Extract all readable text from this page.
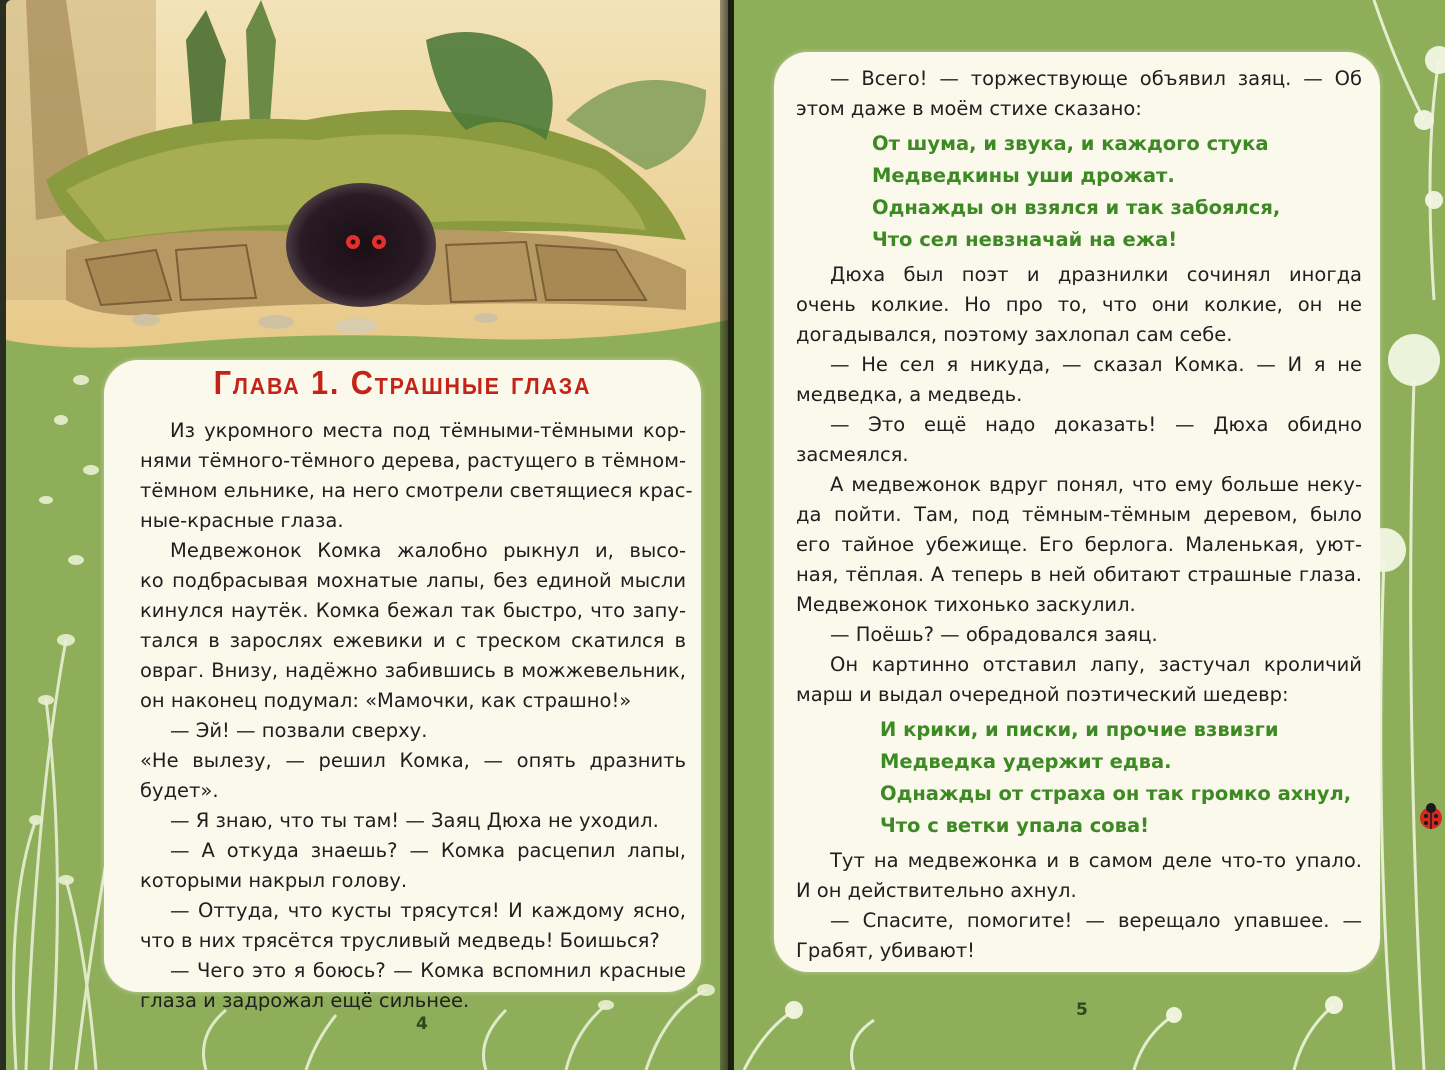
Глава 1. Страшные глаза
Из укромного места под тёмными-тёмными кор-
нями тёмного-тёмного дерева, растущего в тёмном-
тёмном ельнике, на него смотрели светящиеся крас-
ные-красные глаза.
Медвежонок Комка жалобно рыкнул и, высо-
ко подбрасывая мохнатые лапы, без единой мысли
кинулся наутёк. Комка бежал так быстро, что запу-
тался в зарослях ежевики и с треском скатился в
овраг. Внизу, надёжно забившись в можжевельник,
он наконец подумал: «Мамочки, как страшно!»
— Эй! — позвали сверху.
«Не вылезу, — решил Комка, — опять дразнить
будет».
— Я знаю, что ты там! — Заяц Дюха не уходил.
— А откуда знаешь? — Комка расцепил лапы,
которыми накрыл голову.
— Оттуда, что кусты трясутся! И каждому ясно,
что в них трясётся трусливый медведь! Боишься?
— Чего это я боюсь? — Комка вспомнил красные
глаза и задрожал ещё сильнее.
4
— Всего! — торжествующе объявил заяц. — Об
этом даже в моём стихе сказано:
От шума, и звука, и каждого стука
Медведкины уши дрожат.
Однажды он взялся и так забоялся,
Что сел невзначай на ежа!
Дюха был поэт и дразнилки сочинял иногда
очень колкие. Но про то, что они колкие, он не
догадывался, поэтому захлопал сам себе.
— Не сел я никуда, — сказал Комка. — И я не
медведка, а медведь.
— Это ещё надо доказать! — Дюха обидно
засмеялся.
А медвежонок вдруг понял, что ему больше неку-
да пойти. Там, под тёмным-тёмным деревом, было
его тайное убежище. Его берлога. Маленькая, уют-
ная, тёплая. А теперь в ней обитают страшные глаза.
Медвежонок тихонько заскулил.
— Поёшь? — обрадовался заяц.
Он картинно отставил лапу, застучал кроличий
марш и выдал очередной поэтический шедевр:
И крики, и писки, и прочие взвизги
Медведка удержит едва.
Однажды от страха он так громко ахнул,
Что с ветки упала сова!
Тут на медвежонка и в самом деле что-то упало.
И он действительно ахнул.
— Спасите, помогите! — верещало упавшее. —
Грабят, убивают!
5
